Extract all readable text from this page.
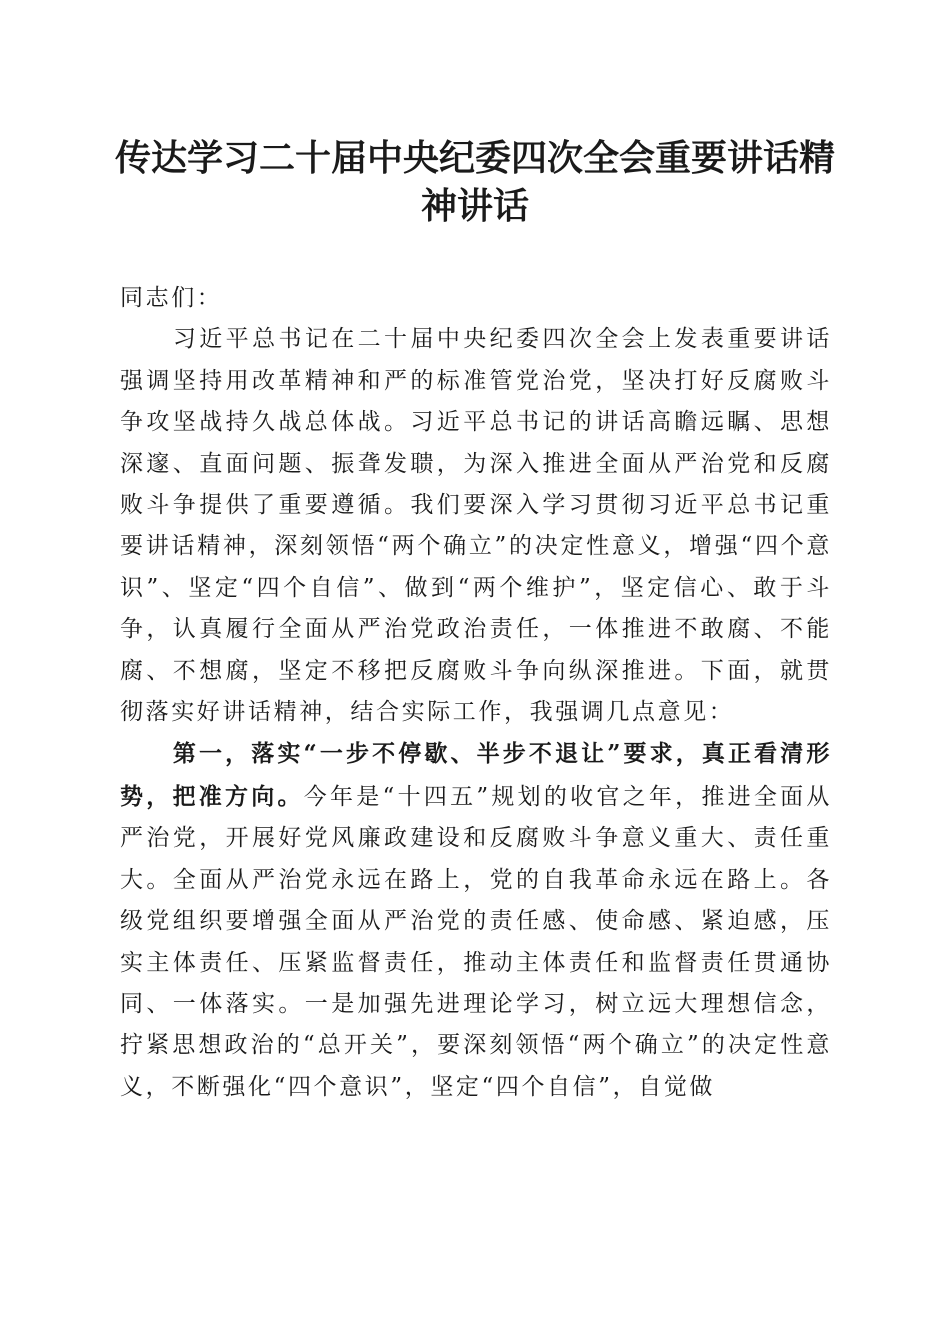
传达学习二十届中央纪委四次全会重要讲话精神讲话

同志们：

习近平总书记在二十届中央纪委四次全会上发表重要讲话强调坚持用改革精神和严的标准管党治党，坚决打好反腐败斗争攻坚战持久战总体战。习近平总书记的讲话高瞻远瞩、思想深邃、直面问题、振聋发聩，为深入推进全面从严治党和反腐败斗争提供了重要遵循。我们要深入学习贯彻习近平总书记重要讲话精神，深刻领悟“两个确立”的决定性意义，增强“四个意识”、坚定“四个自信”、做到“两个维护”，坚定信心、敢于斗争，认真履行全面从严治党政治责任，一体推进不敢腐、不能腐、不想腐，坚定不移把反腐败斗争向纵深推进。下面，就贯彻落实好讲话精神，结合实际工作，我强调几点意见：

第一，落实“一步不停歇、半步不退让”要求，真正看清形势，把准方向。今年是“十四五”规划的收官之年，推进全面从严治党，开展好党风廉政建设和反腐败斗争意义重大、责任重大。全面从严治党永远在路上，党的自我革命永远在路上。各级党组织要增强全面从严治党的责任感、使命感、紧迫感，压实主体责任、压紧监督责任，推动主体责任和监督责任贯通协同、一体落实。一是加强先进理论学习，树立远大理想信念，拧紧思想政治的“总开关”，要深刻领悟“两个确立”的决定性意义，不断强化“四个意识”，坚定“四个自信”，自觉做
